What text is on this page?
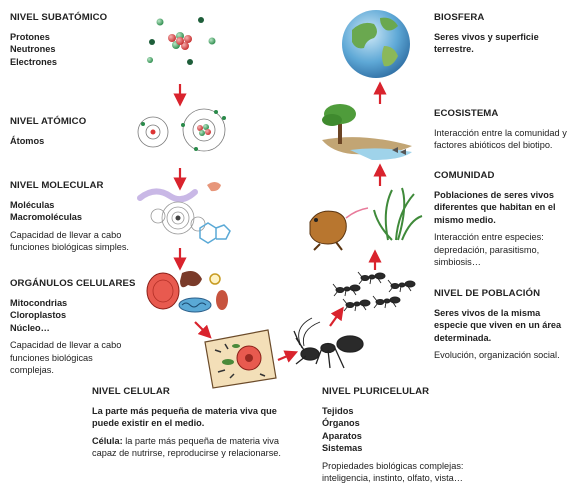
NIVEL SUBATÓMICO
Protones
Neutrones
Electrones
NIVEL ATÓMICO
Átomos
NIVEL MOLECULAR
Moléculas
Macromoléculas
Capacidad de llevar a cabo funciones biológicas simples.
ORGÁNULOS CELULARES
Mitocondrias
Cloroplastos
Núcleo…
Capacidad de llevar a cabo funciones biológicas complejas.
NIVEL CELULAR
La parte más pequeña de materia viva que puede existir en el medio.
Célula: la parte más pequeña de materia viva capaz de nutrirse, reproducirse y relacionarse.
NIVEL PLURICELULAR
Tejidos
Órganos
Aparatos
Sistemas
Propiedades biológicas complejas: inteligencia, instinto, olfato, vista…
NIVEL DE POBLACIÓN
Seres vivos de la misma especie que viven en un área determinada.
Evolución, organización social.
COMUNIDAD
Poblaciones de seres vivos diferentes que habitan en el mismo medio.
Interacción entre especies: depredación, parasitismo, simbiosis…
ECOSISTEMA
Interacción entre la comunidad y factores abióticos del biotipo.
BIOSFERA
Seres vivos y superficie terrestre.
